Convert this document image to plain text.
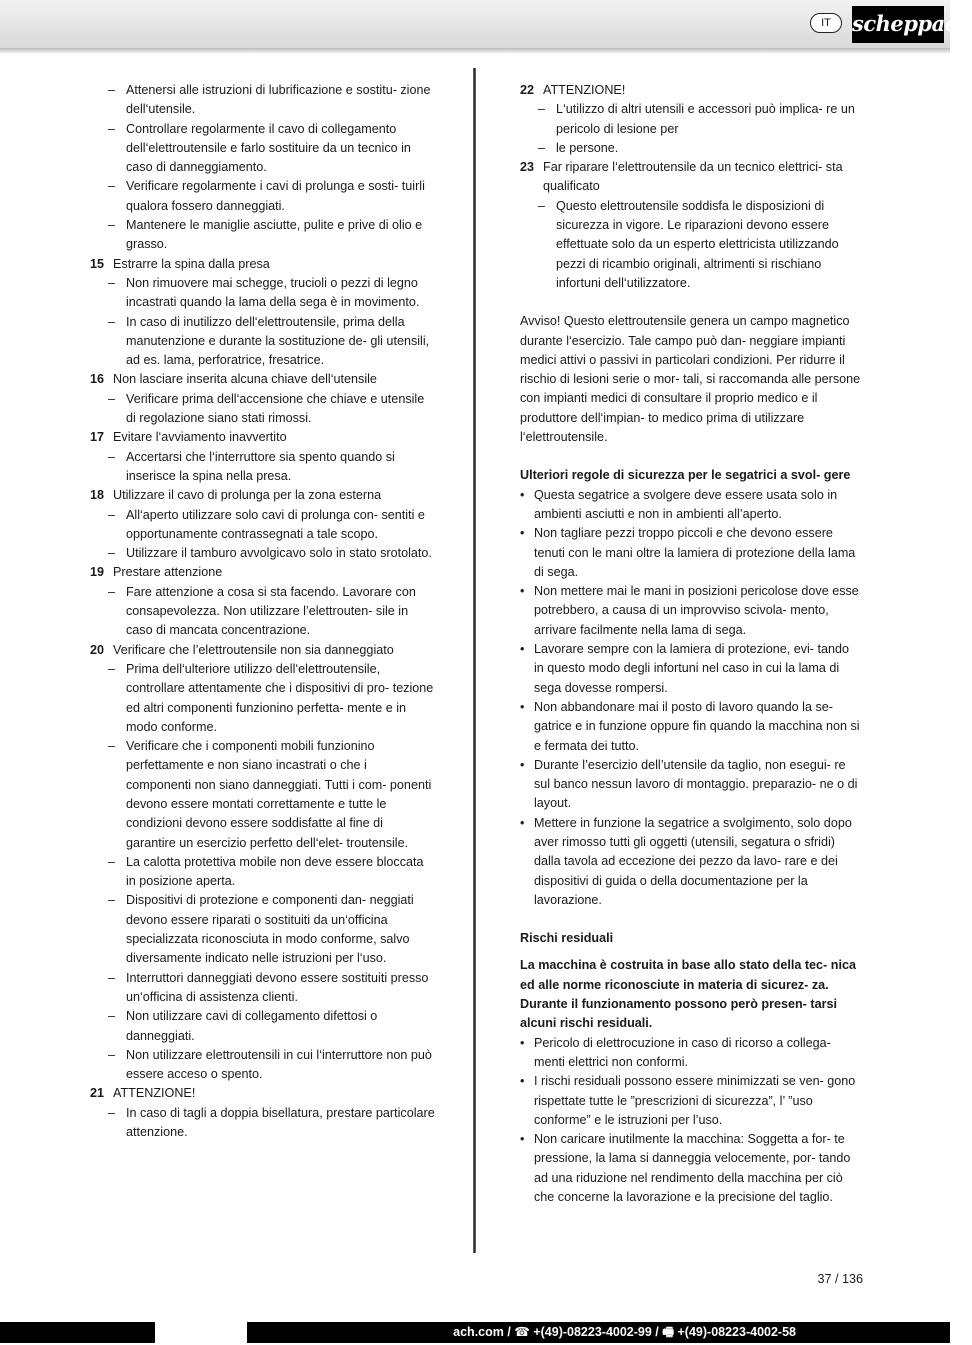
IT	scheppach
– Attenersi alle istruzioni di lubrificazione e sostitu- zione dell‘utensile.
– Controllare regolarmente il cavo di collegamento dell‘elettroutensile e farlo sostituire da un tecnico in caso di danneggiamento.
– Verificare regolarmente i cavi di prolunga e sosti- tuirli qualora fossero danneggiati.
– Mantenere le maniglie asciutte, pulite e prive di olio e grasso.
15 Estrarre la spina dalla presa
– Non rimuovere mai schegge, trucioli o pezzi di legno incastrati quando la lama della sega è in movimento.
– In caso di inutilizzo dell‘elettroutensile, prima della manutenzione e durante la sostituzione de- gli utensili, ad es. lama, perforatrice, fresatrice.
16 Non lasciare inserita alcuna chiave dell‘utensile
– Verificare prima dell‘accensione che chiave e utensile di regolazione siano stati rimossi.
17 Evitare l‘avviamento inavvertito
– Accertarsi che l‘interruttore sia spento quando si inserisce la spina nella presa.
18 Utilizzare il cavo di prolunga per la zona esterna
– All‘aperto utilizzare solo cavi di prolunga con- sentiti e opportunamente contrassegnati a tale scopo.
– Utilizzare il tamburo avvolgicavo solo in stato srotolato.
19 Prestare attenzione
– Fare attenzione a cosa si sta facendo. Lavorare con consapevolezza. Non utilizzare l’elettrouten- sile in caso di mancata concentrazione.
20 Verificare che l’elettroutensile non sia danneggiato
– Prima dell‘ulteriore utilizzo dell‘elettroutensile, controllare attentamente che i dispositivi di pro- tezione ed altri componenti funzionino perfetta- mente e in modo conforme.
– Verificare che i componenti mobili funzionino perfettamente e non siano incastrati o che i componenti non siano danneggiati. Tutti i com- ponenti devono essere montati correttamente e tutte le condizioni devono essere soddisfatte al fine di garantire un esercizio perfetto dell‘elet- troutensile.
– La calotta protettiva mobile non deve essere bloccata in posizione aperta.
– Dispositivi di protezione e componenti dan- neggiati devono essere riparati o sostituiti da un‘officina specializzata riconosciuta in modo conforme, salvo diversamente indicato nelle istruzioni per l‘uso.
– Interruttori danneggiati devono essere sostituiti presso un‘officina di assistenza clienti.
– Non utilizzare cavi di collegamento difettosi o danneggiati.
– Non utilizzare elettroutensili in cui l‘interruttore non può essere acceso o spento.
21 ATTENZIONE!
– In caso di tagli a doppia bisellatura, prestare particolare attenzione.
22 ATTENZIONE!
– L‘utilizzo di altri utensili e accessori può implica- re un pericolo di lesione per
– le persone.
23 Far riparare l‘elettroutensile da un tecnico elettrici- sta qualificato
– Questo elettroutensile soddisfa le disposizioni di sicurezza in vigore. Le riparazioni devono essere effettuate solo da un esperto elettricista utilizzando pezzi di ricambio originali, altrimenti si rischiano infortuni dell‘utilizzatore.

Avviso! Questo elettroutensile genera un campo magnetico durante l‘esercizio. Tale campo può dan- neggiare impianti medici attivi o passivi in particolari condizioni. Per ridurre il rischio di lesioni serie o mor- tali, si raccomanda alle persone con impianti medici di consultare il proprio medico e il produttore dell‘impian- to medico prima di utilizzare l‘elettroutensile.

Ulteriori regole di sicurezza per le segatrici a svol- gere

• Questa segatrice a svolgere deve essere usata solo in ambienti asciutti e non in ambienti all’aperto.
• Non tagliare pezzi troppo piccoli e che devono essere tenuti con le mani oltre la lamiera di protezione della lama di sega.
• Non mettere mai le mani in posizioni pericolose dove esse potrebbero, a causa di un improvviso scivola- mento, arrivare facilmente nella lama di sega.
• Lavorare sempre con la lamiera di protezione, evi- tando in questo modo degli infortuni nel caso in cui la lama di sega dovesse rompersi.
• Non abbandonare mai il posto di lavoro quando la se- gatrice e in funzione oppure fin quando la macchina non si e fermata dei tutto.
• Durante l’esercizio dell’utensile da taglio, non esegui- re sul banco nessun lavoro di montaggio. preparazio- ne o di layout.
• Mettere in funzione la segatrice a svolgimento, solo dopo aver rimosso tutti gli oggetti (utensili, segatura o sfridi) dalla tavola ad eccezione dei pezzo da lavo- rare e dei dispositivi di guida o della documentazione per la lavorazione.

Rischi residuali

La macchina è costruita in base allo stato della tec- nica ed alle norme riconosciute in materia di sicurez- za. Durante il funzionamento possono però presen- tarsi alcuni rischi residuali.

• Pericolo di elettrocuzione in caso di ricorso a collega- menti elettrici non conformi.
• I rischi residuali possono essere minimizzati se ven- gono rispettate tutte le ”prescrizioni di sicurezza”, l’ ”uso conforme” e le istruzioni per l’uso.
• Non caricare inutilmente la macchina: Soggetta a for- te pressione, la lama si danneggia velocemente, por- tando ad una riduzione nel rendimento della macchina per ciò che concerne la lavorazione e la precisione del taglio.
37 / 136
ach.com / ☎ +(49)-08223-4002-99 / 🖷 +(49)-08223-4002-58
